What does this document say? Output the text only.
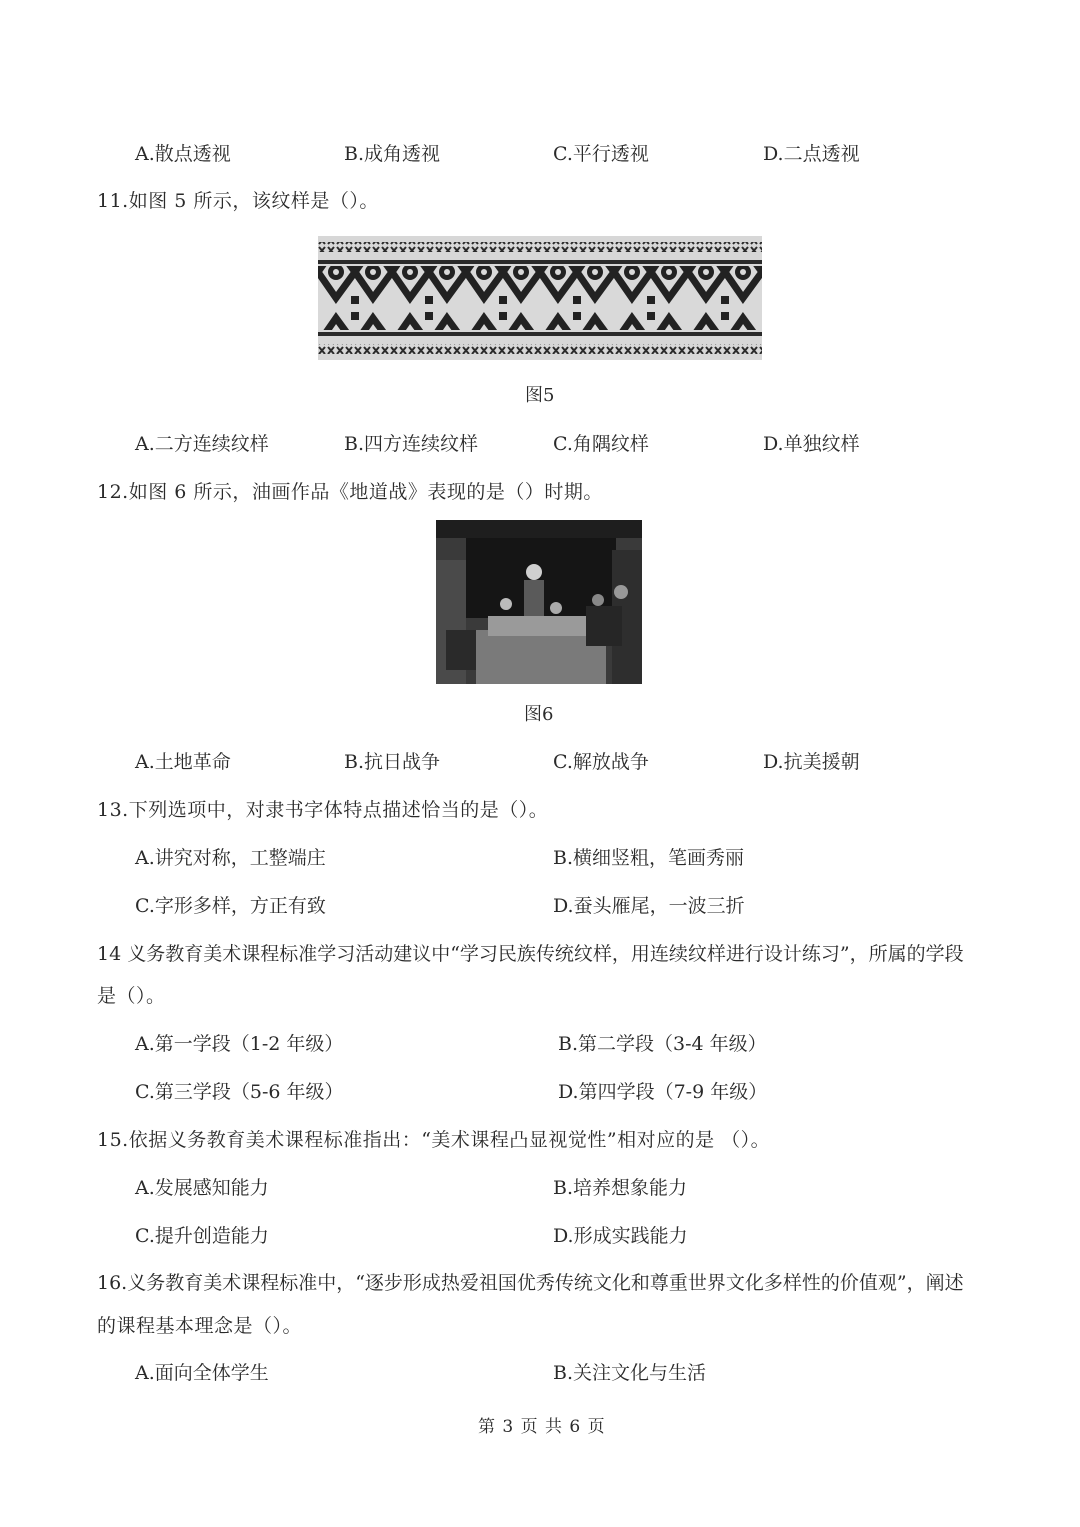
A.散点透视	B.成角透视	C.平行透视	D.二点透视
11.如图 5 所示，该纹样是（）。
图5
A.二方连续纹样	B.四方连续纹样	C.角隅纹样	D.单独纹样
12.如图 6 所示，油画作品《地道战》表现的是（）时期。
图6
A.土地革命	B.抗日战争	C.解放战争	D.抗美援朝
13.下列选项中，对隶书字体特点描述恰当的是（）。
A.讲究对称，工整端庄	B.横细竖粗，笔画秀丽
C.字形多样，方正有致	D.蚕头雁尾，一波三折
14 义务教育美术课程标准学习活动建议中“学习民族传统纹样，用连续纹样进行设计练习”，所属的学段
是（）。
A.第一学段（1-2 年级）	B.第二学段（3-4 年级）
C.第三学段（5-6 年级）	D.第四学段（7-9 年级）
15.依据义务教育美术课程标准指出：“美术课程凸显视觉性”相对应的是 （）。
A.发展感知能力	B.培养想象能力
C.提升创造能力	D.形成实践能力
16.义务教育美术课程标准中，“逐步形成热爱祖国优秀传统文化和尊重世界文化多样性的价值观”，阐述
的课程基本理念是（）。
A.面向全体学生	B.关注文化与生活
第 3 页 共 6 页
